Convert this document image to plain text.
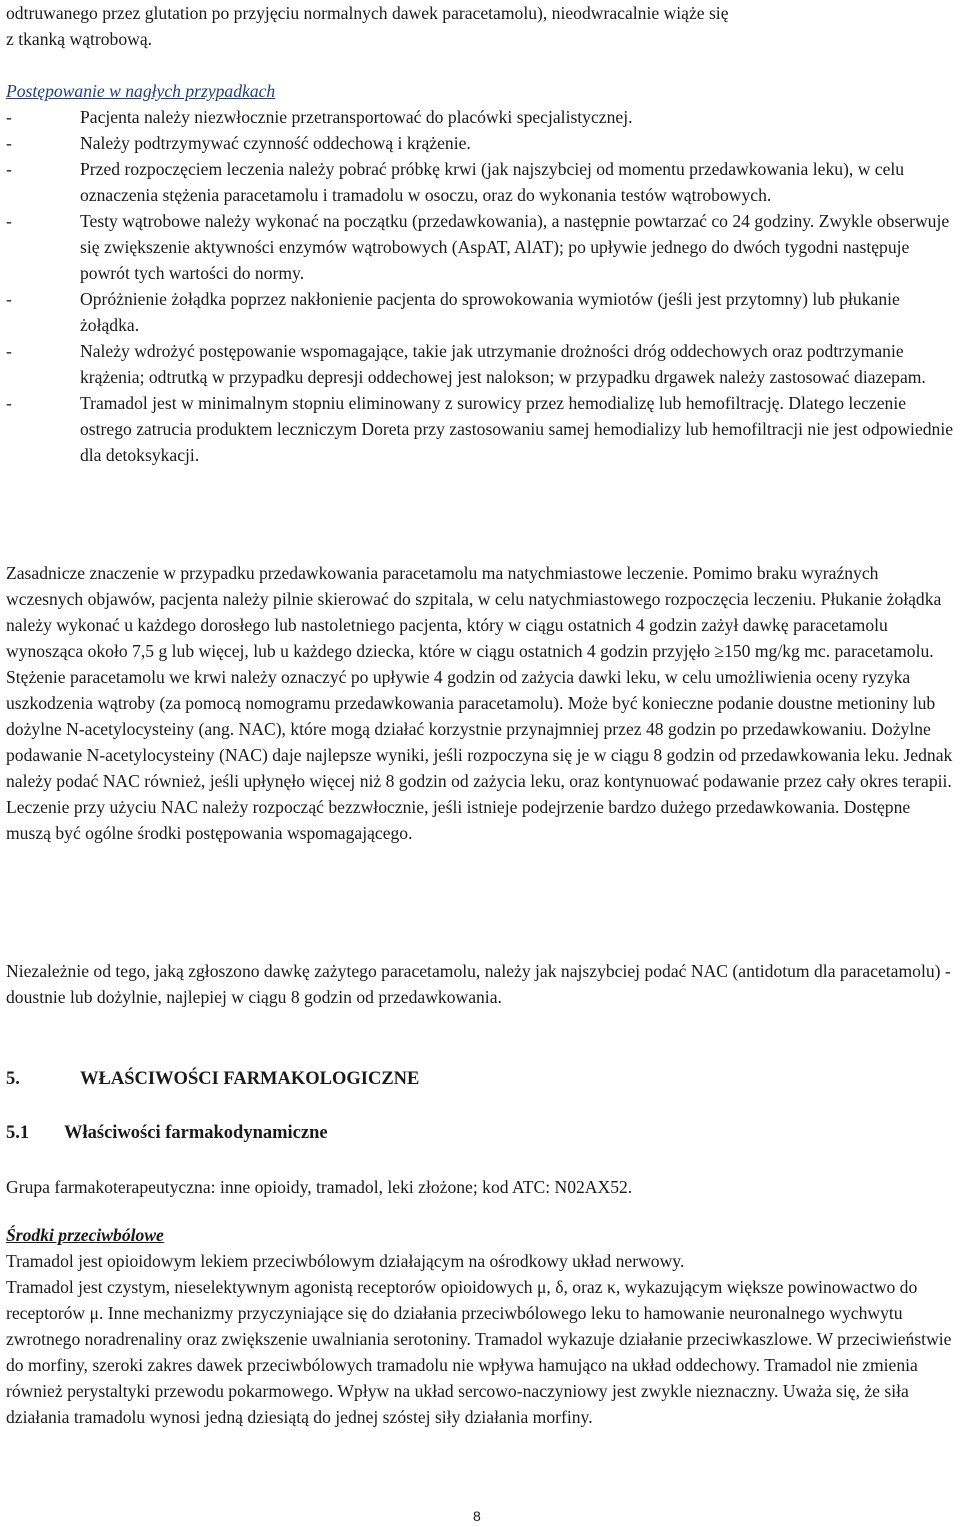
odtruwanego przez glutation po przyjęciu normalnych dawek paracetamolu), nieodwracalnie wiąże się

z tkanką wątrobową.

Postępowanie w nagłych przypadkach

-	Pacjenta należy niezwłocznie przetransportować do placówki specjalistycznej.
-	Należy podtrzymywać czynność oddechową i krążenie.
-	Przed rozpoczęciem leczenia należy pobrać próbkę krwi (jak najszybciej od momentu przedawkowania leku), w celu oznaczenia stężenia paracetamolu i tramadolu w osoczu, oraz do wykonania testów wątrobowych.
-	Testy wątrobowe należy wykonać na początku (przedawkowania), a następnie powtarzać co 24 godziny. Zwykle obserwuje się zwiększenie aktywności enzymów wątrobowych (AspAT, AlAT); po upływie jednego do dwóch tygodni następuje powrót tych wartości do normy.
-	Opróżnienie żołądka poprzez nakłonienie pacjenta do sprowokowania wymiotów (jeśli jest przytomny) lub płukanie żołądka.
-	Należy wdrożyć postępowanie wspomagające, takie jak utrzymanie drożności dróg oddechowych oraz podtrzymanie krążenia; odtrutką w przypadku depresji oddechowej jest nalokson; w przypadku drgawek należy zastosować diazepam.
-	Tramadol jest w minimalnym stopniu eliminowany z surowicy przez hemodializę lub hemofiltrację. Dlatego leczenie ostrego zatrucia produktem leczniczym Doreta przy zastosowaniu samej hemodializy lub hemofiltracji nie jest odpowiednie dla detoksykacji.

Zasadnicze znaczenie w przypadku przedawkowania paracetamolu ma natychmiastowe leczenie. Pomimo braku wyraźnych wczesnych objawów, pacjenta należy pilnie skierować do szpitala, w celu natychmiastowego rozpoczęcia leczeniu. Płukanie żołądka należy wykonać u każdego dorosłego lub nastoletniego pacjenta, który w ciągu ostatnich 4 godzin zażył dawkę paracetamolu wynosząca około 7,5 g lub więcej, lub u każdego dziecka, które w ciągu ostatnich 4 godzin przyjęło ≥150 mg/kg mc. paracetamolu. Stężenie paracetamolu we krwi należy oznaczyć po upływie 4 godzin od zażycia dawki leku, w celu umożliwienia oceny ryzyka uszkodzenia wątroby (za pomocą nomogramu przedawkowania paracetamolu). Może być konieczne podanie doustne metioniny lub dożylne N-acetylocysteiny (ang. NAC), które mogą działać korzystnie przynajmniej przez 48 godzin po przedawkowaniu. Dożylne podawanie N-acetylocysteiny (NAC) daje najlepsze wyniki, jeśli rozpoczyna się je w ciągu 8 godzin od przedawkowania leku. Jednak należy podać NAC również, jeśli upłynęło więcej niż 8 godzin od zażycia leku, oraz kontynuować podawanie przez cały okres terapii. Leczenie przy użyciu NAC należy rozpocząć bezzwłocznie, jeśli istnieje podejrzenie bardzo dużego przedawkowania. Dostępne muszą być ogólne środki postępowania wspomagającego.

Niezależnie od tego, jaką zgłoszono dawkę zażytego paracetamolu, należy jak najszybciej podać NAC (antidotum dla paracetamolu) - doustnie lub dożylnie, najlepiej w ciągu 8 godzin od przedawkowania.

5.	WŁAŚCIWOŚCI FARMAKOLOGICZNE
5.1 Właściwości farmakodynamiczne

Grupa farmakoterapeutyczna: inne opioidy, tramadol, leki złożone; kod ATC: N02AX52.

Środki przeciwbólowe

Tramadol jest opioidowym lekiem przeciwbólowym działającym na ośrodkowy układ nerwowy.

Tramadol jest czystym, nieselektywnym agonistą receptorów opioidowych μ, δ, oraz κ, wykazującym większe powinowactwo do receptorów μ. Inne mechanizmy przyczyniające się do działania przeciwbólowego leku to hamowanie neuronalnego wychwytu zwrotnego noradrenaliny oraz zwiększenie uwalniania serotoniny. Tramadol wykazuje działanie przeciwkaszlowe. W przeciwieństwie do morfiny, szeroki zakres dawek przeciwbólowych tramadolu nie wpływa hamująco na układ oddechowy. Tramadol nie zmienia również perystaltyki przewodu pokarmowego. Wpływ na układ sercowo-naczyniowy jest zwykle nieznaczny. Uważa się, że siła działania tramadolu wynosi jedną dziesiątą do jednej szóstej siły działania morfiny.

8
